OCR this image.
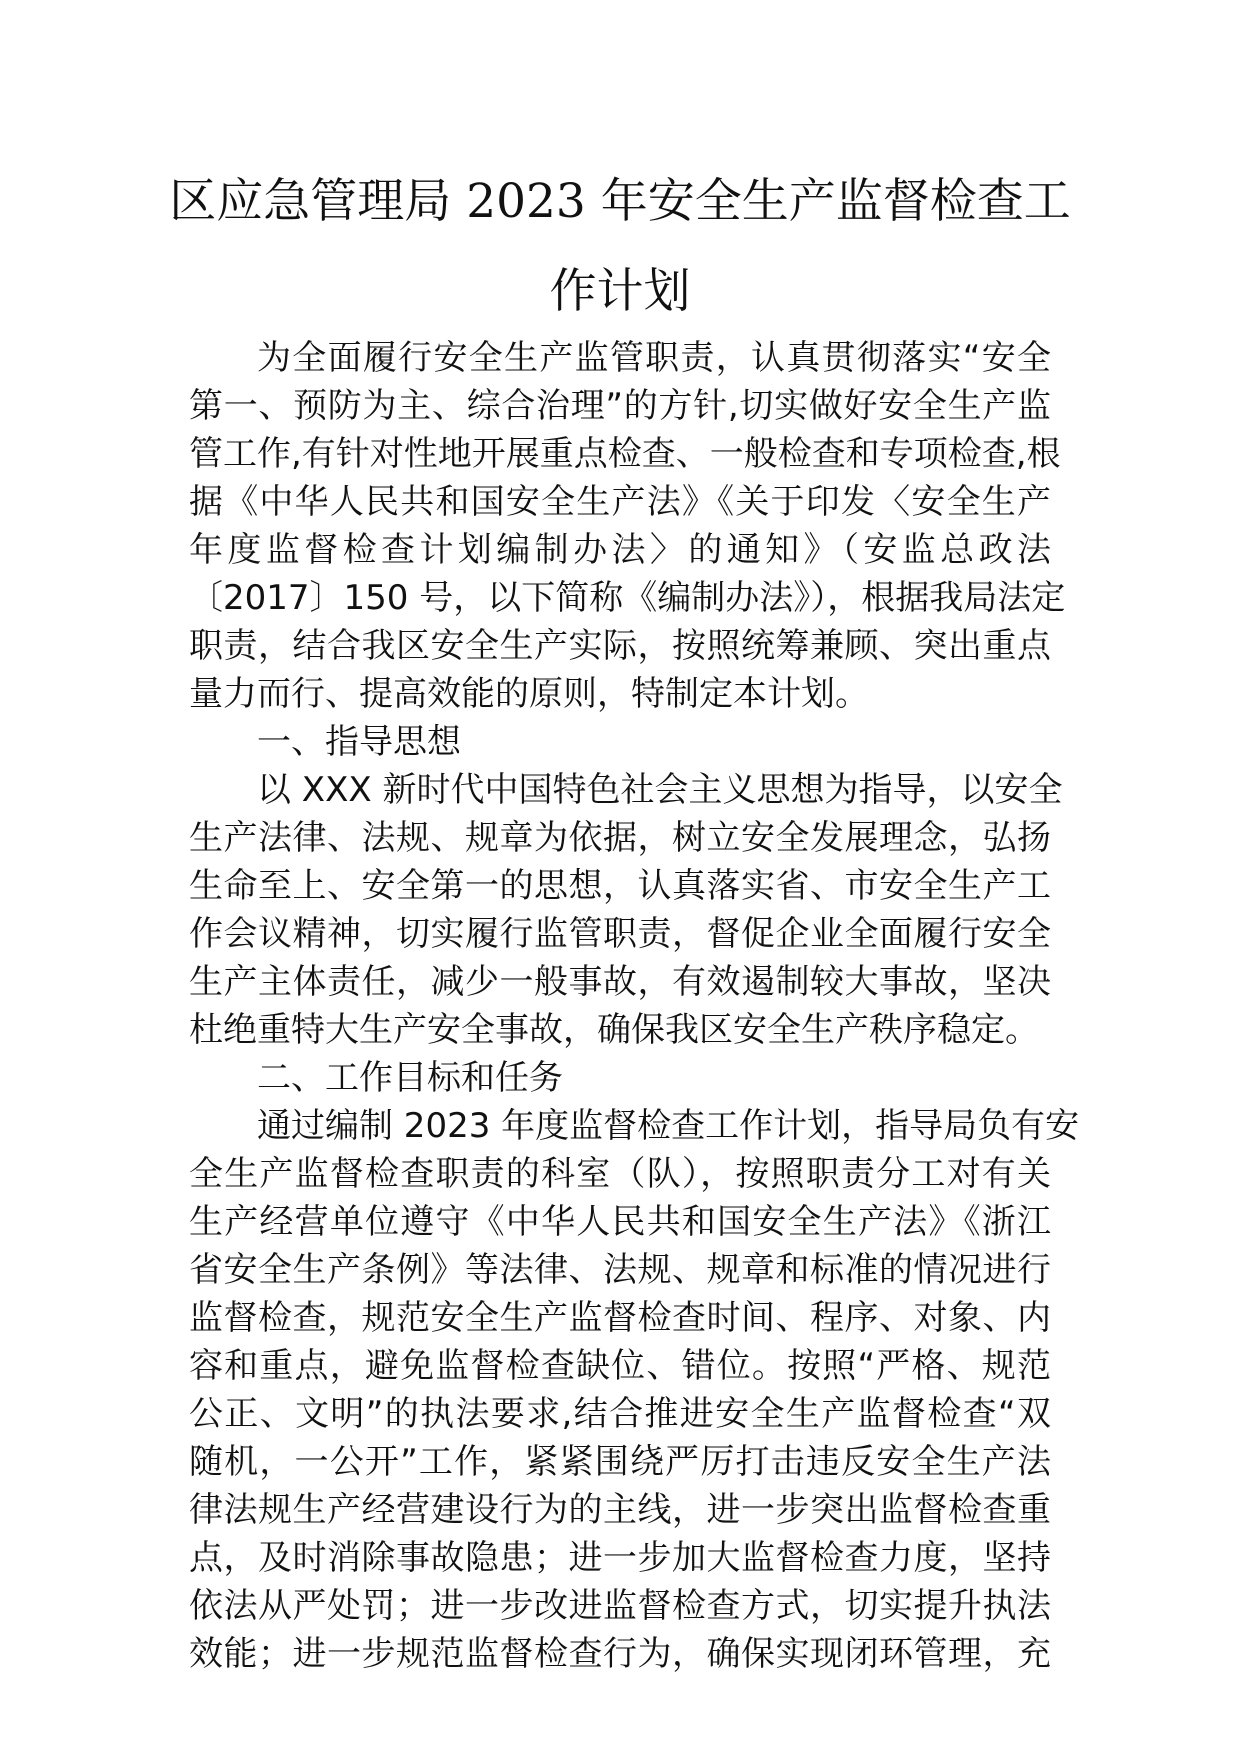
区应急管理局 2023 年安全生产监督检查工
作计划
为全面履行安全生产监管职责，认真贯彻落实“安全
第一、预防为主、综合治理”的方针,切实做好安全生产监
管工作,有针对性地开展重点检查、一般检查和专项检查,根
据《中华人民共和国安全生产法》《关于印发〈安全生产
年度监督检查计划编制办法〉的通知》（安监总政法
〔2017〕150 号，以下简称《编制办法》），根据我局法定
职责，结合我区安全生产实际，按照统筹兼顾、突出重点
量力而行、提高效能的原则，特制定本计划。
一、指导思想
以 XXX 新时代中国特色社会主义思想为指导，以安全
生产法律、法规、规章为依据，树立安全发展理念，弘扬
生命至上、安全第一的思想，认真落实省、市安全生产工
作会议精神，切实履行监管职责，督促企业全面履行安全
生产主体责任，减少一般事故，有效遏制较大事故，坚决
杜绝重特大生产安全事故，确保我区安全生产秩序稳定。
二、工作目标和任务
通过编制 2023 年度监督检查工作计划，指导局负有安
全生产监督检查职责的科室（队），按照职责分工对有关
生产经营单位遵守《中华人民共和国安全生产法》《浙江
省安全生产条例》等法律、法规、规章和标准的情况进行
监督检查，规范安全生产监督检查时间、程序、对象、内
容和重点，避免监督检查缺位、错位。按照“严格、规范
公正、文明”的执法要求,结合推进安全生产监督检查“双
随机，一公开”工作，紧紧围绕严厉打击违反安全生产法
律法规生产经营建设行为的主线，进一步突出监督检查重
点，及时消除事故隐患；进一步加大监督检查力度，坚持
依法从严处罚；进一步改进监督检查方式，切实提升执法
效能；进一步规范监督检查行为，确保实现闭环管理，充
